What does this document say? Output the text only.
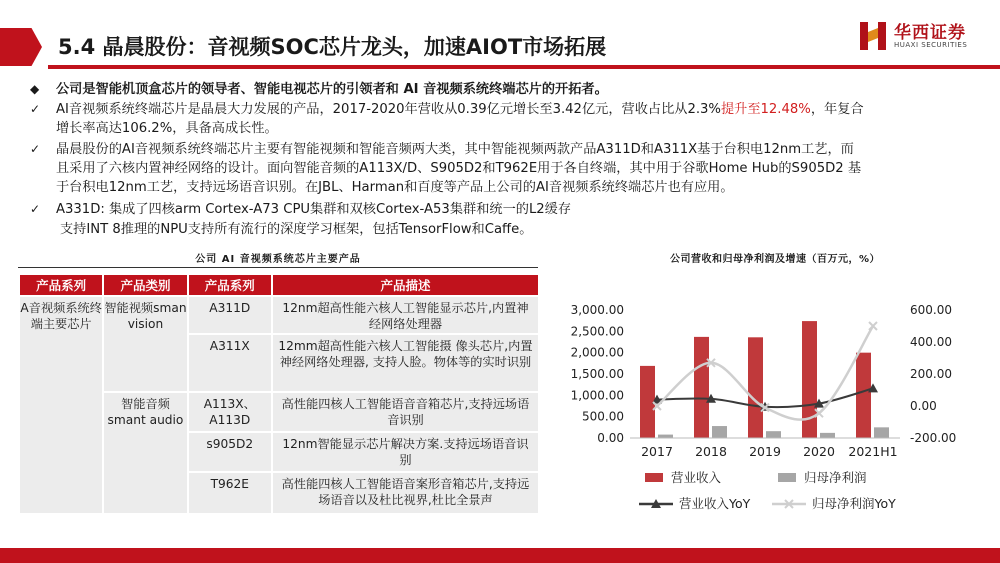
5.4 晶晨股份：音视频SOC芯片龙头，加速AIOT市场拓展
华西证券
HUAXI SECURITIES
◆	公司是智能机顶盒芯片的领导者、智能电视芯片的引领者和 AI 音视频系统终端芯片的开拓者。
✓ AI音视频系统终端芯片是晶晨大力发展的产品，2017-2020年营收从0.39亿元增长至3.42亿元，营收占比从2.3%提升至12.48%，年复合
增长率高达106.2%，具备高成长性。
✓ 晶晨股份的AI音视频系统终端芯片主要有智能视频和智能音频两大类，其中智能视频两款产品A311D和A311X基于台积电12nm工艺，而
且采用了六核内置神经网络的设计。面向智能音频的A113X/D、S905D2和T962E用于各自终端，其中用于谷歌Home Hub的S905D2 基
于台积电12nm工艺，支持远场语音识别。在JBL、Harman和百度等产品上公司的AI音视频系统终端芯片也有应用。
✓ A331D: 集成了四核arm Cortex-A73 CPU集群和双核Cortex-A53集群和统一的L2缓存
支持INT 8推理的NPU支持所有流行的深度学习框架，包括TensorFlow和Caffe。
公司 AI 音视频系统芯片主要产品
产品系列	产品类别	产品系列	产品描述
A音视频系统终端主要芯片	智能视频sman vision	A311D	12nm超高性能六核人工智能显示芯片,内置神经网络处理器
		A311X	12mm超高性能六核人工智能摄 像头芯片,内置神经网络处理器, 支持人脸。物体等的实时识别
	智能音频smant audio	A113X、A113D	高性能四核人工智能语音音箱芯片,支持远场语音识别
		s905D2	12nm智能显示芯片解决方案.支持远场语音识别
		T962E	高性能四核人工智能语音案形音箱芯片,支持远场语音以及杜比视界,杜比全景声
公司营收和归母净利润及增速（百万元，%）
0.00
500.00
1,000.00
1,500.00
2,000.00
2,500.00
3,000.00
-200.00
0.00
200.00
400.00
600.00
2017 2018 2019 2020 2021H1
营业收入	归母净利润
营业收入YoY	归母净利润YoY
